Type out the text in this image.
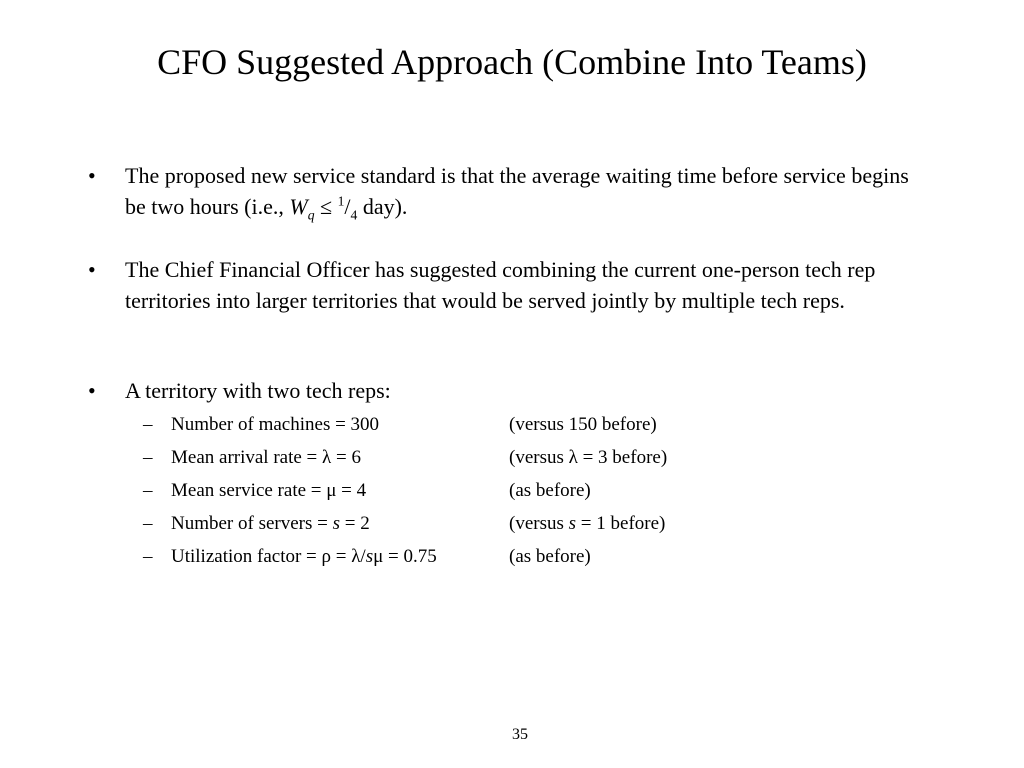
CFO Suggested Approach (Combine Into Teams)
• The proposed new service standard is that the average waiting time before service begins be two hours (i.e., $W_q \le ^1/_4$ day).
• The Chief Financial Officer has suggested combining the current one-person tech rep territories into larger territories that would be served jointly by multiple tech reps.
• A territory with two tech reps:
– Number of machines = 300	(versus 150 before)
– Mean arrival rate = λ = 6	(versus λ = 3 before)
– Mean service rate = μ = 4	(as before)
– Number of servers = s = 2	(versus s = 1 before)
– Utilization factor = ρ = λ/sμ = 0.75	(as before)
35
